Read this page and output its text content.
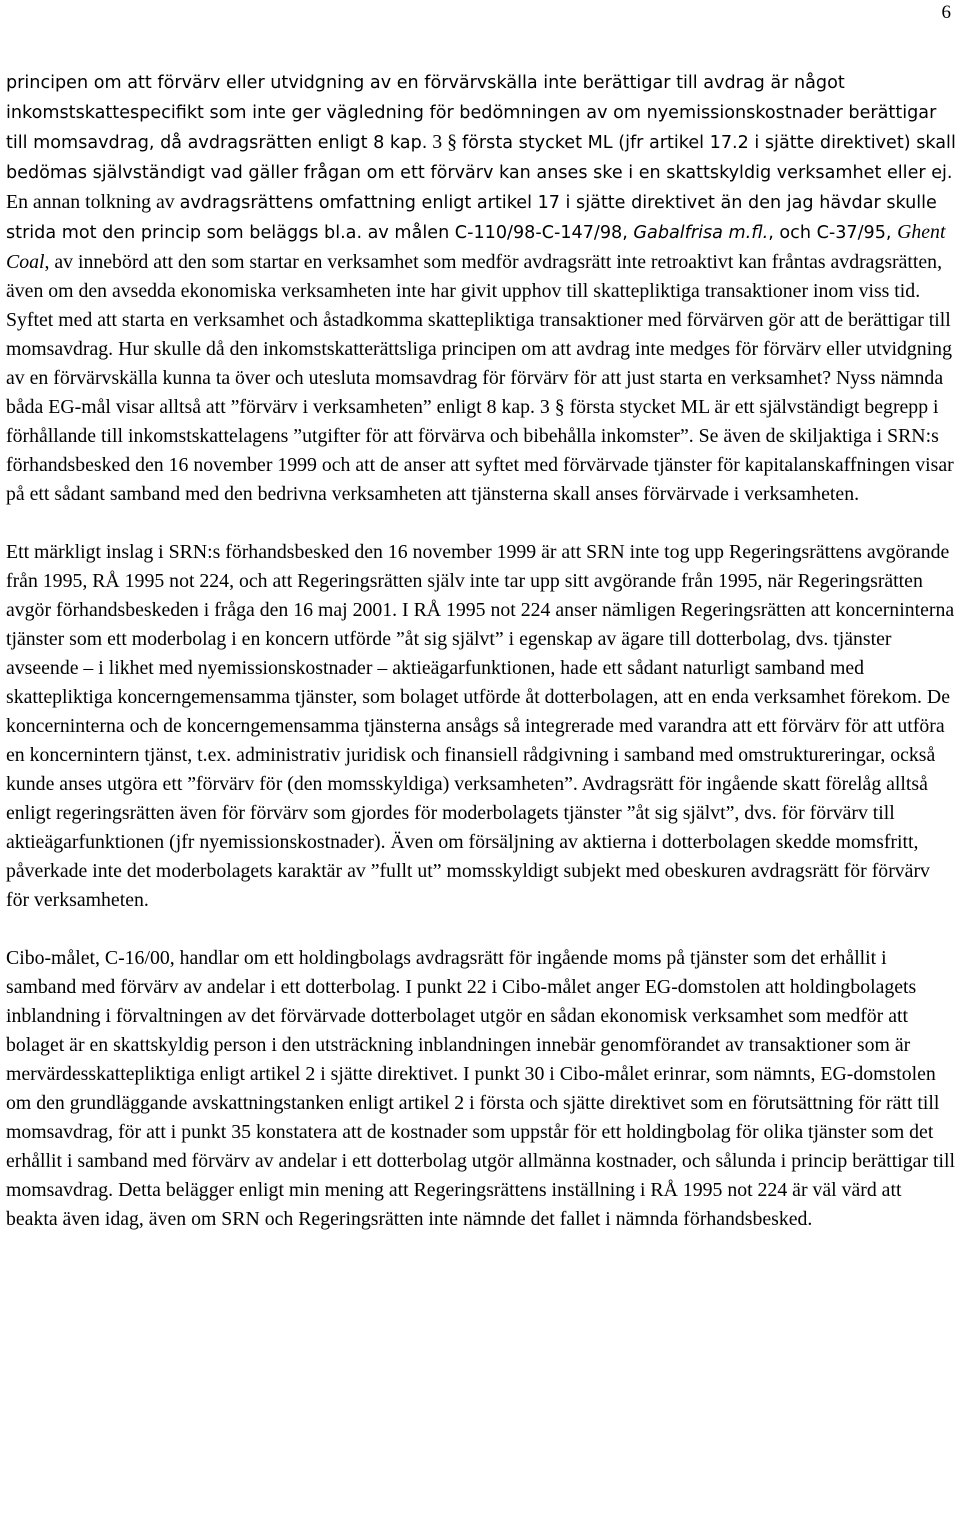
6

principen om att förvärv eller utvidgning av en förvärvskälla inte berättigar till avdrag är något inkomstskattespecifikt som inte ger vägledning för bedömningen av om nyemissionskostnader berättigar till momsavdrag, då avdragsrätten enligt 8 kap. 3 § första stycket ML (jfr artikel 17.2 i sjätte direktivet) skall bedömas självständigt vad gäller frågan om ett förvärv kan anses ske i en skattskyldig verksamhet eller ej. En annan tolkning av avdragsrättens omfattning enligt artikel 17 i sjätte direktivet än den jag hävdar skulle strida mot den princip som beläggs bl.a. av målen C-110/98-C-147/98, Gabalfrisa m.fl., och C-37/95, Ghent Coal, av innebörd att den som startar en verksamhet som medför avdragsrätt inte retroaktivt kan fråntas avdragsrätten, även om den avsedda ekonomiska verksamheten inte har givit upphov till skattepliktiga transaktioner inom viss tid. Syftet med att starta en verksamhet och åstadkomma skattepliktiga transaktioner med förvärven gör att de berättigar till momsavdrag. Hur skulle då den inkomstskatterättsliga principen om att avdrag inte medges för förvärv eller utvidgning av en förvärvskälla kunna ta över och utesluta momsavdrag för förvärv för att just starta en verksamhet? Nyss nämnda båda EG-mål visar alltså att ”förvärv i verksamheten” enligt 8 kap. 3 § första stycket ML är ett självständigt begrepp i förhållande till inkomstskattelagens ”utgifter för att förvärva och bibehålla inkomster”. Se även de skiljaktiga i SRN:s förhandsbesked den 16 november 1999 och att de anser att syftet med förvärvade tjänster för kapitalanskaffningen visar på ett sådant samband med den bedrivna verksamheten att tjänsterna skall anses förvärvade i verksamheten.

Ett märkligt inslag i SRN:s förhandsbesked den 16 november 1999 är att SRN inte tog upp Regeringsrättens avgörande från 1995, RÅ 1995 not 224, och att Regeringsrätten själv inte tar upp sitt avgörande från 1995, när Regeringsrätten avgör förhandsbeskeden i fråga den 16 maj 2001. I RÅ 1995 not 224 anser nämligen Regeringsrätten att koncerninterna tjänster som ett moderbolag i en koncern utförde ”åt sig självt” i egenskap av ägare till dotterbolag, dvs. tjänster avseende – i likhet med nyemissionskostnader – aktieägarfunktionen, hade ett sådant naturligt samband med skattepliktiga koncerngemensamma tjänster, som bolaget utförde åt dotterbolagen, att en enda verksamhet förekom. De koncerninterna och de koncerngemensamma tjänsterna ansågs så integrerade med varandra att ett förvärv för att utföra en koncernintern tjänst, t.ex. administrativ juridisk och finansiell rådgivning i samband med omstruktureringar, också kunde anses utgöra ett ”förvärv för (den momsskyldiga) verksamheten”. Avdragsrätt för ingående skatt förelåg alltså enligt regeringsrätten även för förvärv som gjordes för moderbolagets tjänster ”åt sig självt”, dvs. för förvärv till aktieägarfunktionen (jfr nyemissionskostnader). Även om försäljning av aktierna i dotterbolagen skedde momsfritt, påverkade inte det moderbolagets karaktär av ”fullt ut” momsskyldigt subjekt med obeskuren avdragsrätt för förvärv för verksamheten.

Cibo-målet, C-16/00, handlar om ett holdingbolags avdragsrätt för ingående moms på tjänster som det erhållit i samband med förvärv av andelar i ett dotterbolag. I punkt 22 i Cibo-målet anger EG-domstolen att holdingbolagets inblandning i förvaltningen av det förvärvade dotterbolaget utgör en sådan ekonomisk verksamhet som medför att bolaget är en skattskyldig person i den utsträckning inblandningen innebär genomförandet av transaktioner som är mervärdesskattepliktiga enligt artikel 2 i sjätte direktivet. I punkt 30 i Cibo-målet erinrar, som nämnts, EG-domstolen om den grundläggande avskattningstanken enligt artikel 2 i första och sjätte direktivet som en förutsättning för rätt till momsavdrag, för att i punkt 35 konstatera att de kostnader som uppstår för ett holdingbolag för olika tjänster som det erhållit i samband med förvärv av andelar i ett dotterbolag utgör allmänna kostnader, och sålunda i princip berättigar till momsavdrag. Detta belägger enligt min mening att Regeringsrättens inställning i RÅ 1995 not 224 är väl värd att beakta även idag, även om SRN och Regeringsrätten inte nämnde det fallet i nämnda förhandsbesked.
